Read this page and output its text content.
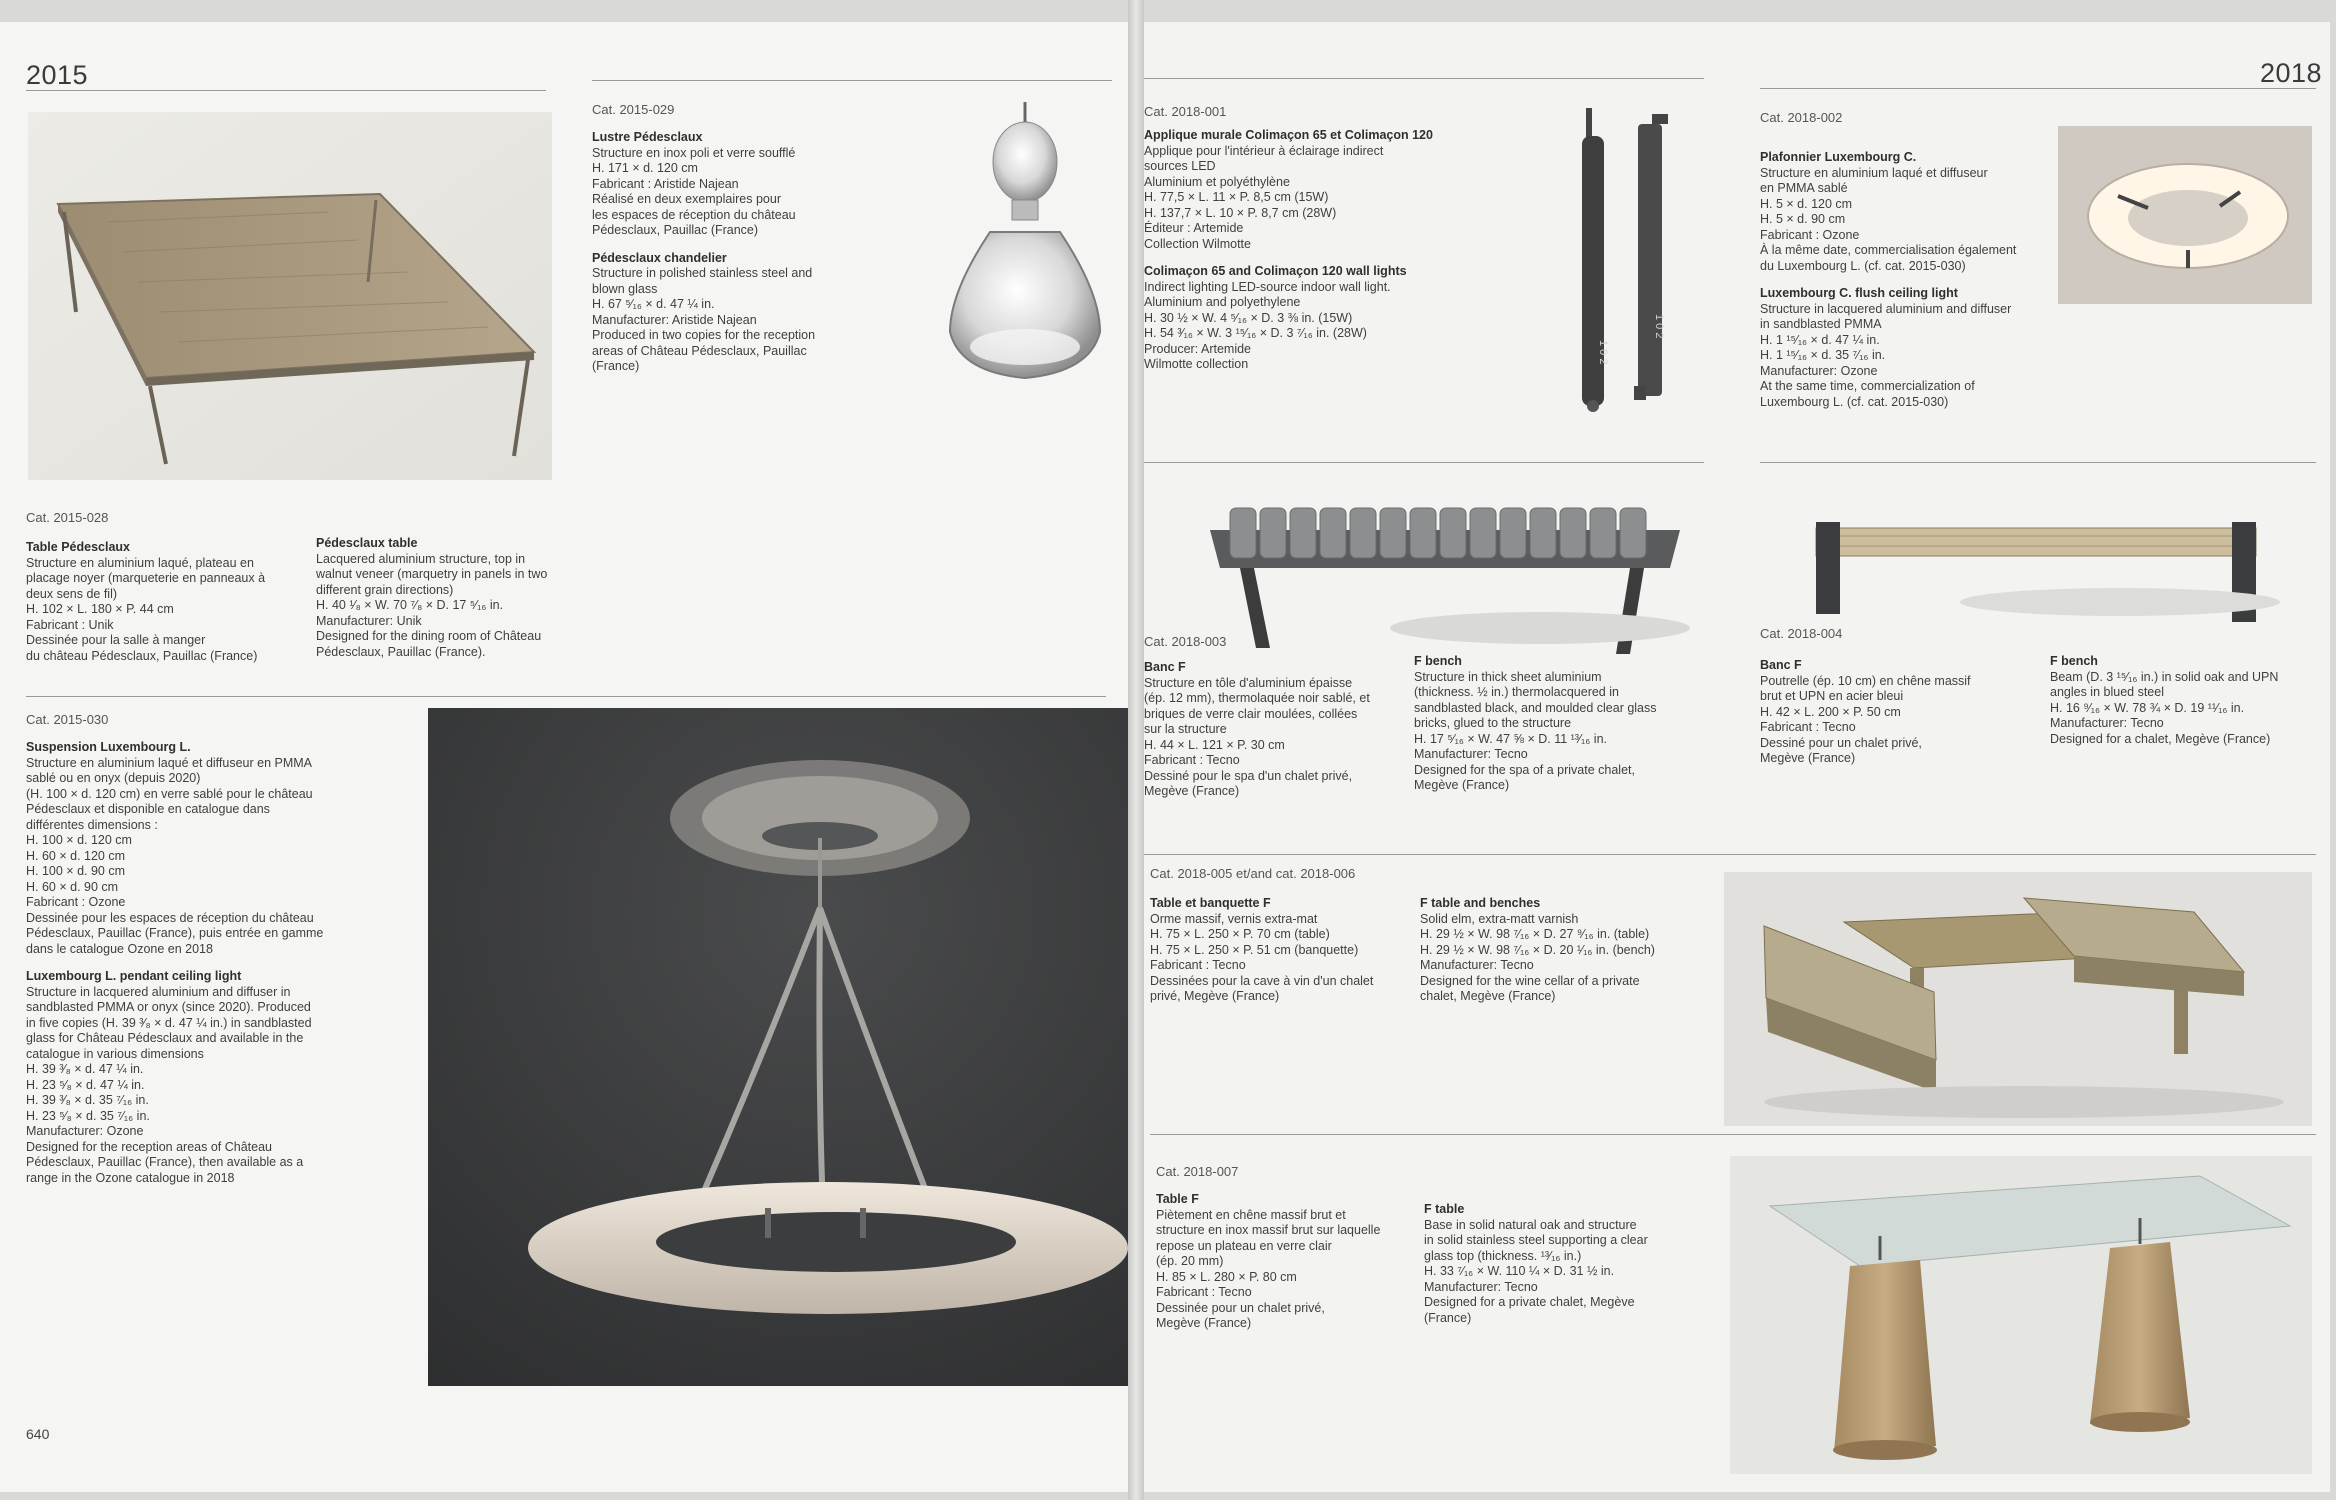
2015
Cat. 2015-028
Table Pédesclaux

Structure en aluminium laqué, plateau en

placage noyer (marqueterie en panneaux à

deux sens de fil)

H. 102 × L. 180 × P. 44 cm

Fabricant : Unik

Dessinée pour la salle à manger

du château Pédesclaux, Pauillac (France)

Pédesclaux table

Lacquered aluminium structure, top in

walnut veneer (marquetry in panels in two

different grain directions)

H. 40 ¹⁄₈ × W. 70 ⁷⁄₈ × D. 17 ⁵⁄₁₆ in.

Manufacturer: Unik

Designed for the dining room of Château

Pédesclaux, Pauillac (France).

Cat. 2015-029
Lustre Pédesclaux

Structure en inox poli et verre soufflé

H. 171 × d. 120 cm

Fabricant : Aristide Najean

Réalisé en deux exemplaires pour

les espaces de réception du château

Pédesclaux, Pauillac (France)

Pédesclaux chandelier

Structure in polished stainless steel and

blown glass

H. 67 ⁵⁄₁₆ × d. 47 ¼ in.

Manufacturer: Aristide Najean

Produced in two copies for the reception

areas of Château Pédesclaux, Pauillac

(France)

Cat. 2015-030
Suspension Luxembourg L.

Structure en aluminium laqué et diffuseur en PMMA

sablé ou en onyx (depuis 2020)

(H. 100 × d. 120 cm) en verre sablé pour le château

Pédesclaux et disponible en catalogue dans

différentes dimensions :

H. 100 × d. 120 cm

H. 60 × d. 120 cm

H. 100 × d. 90 cm

H. 60 × d. 90 cm

Fabricant : Ozone

Dessinée pour les espaces de réception du château

Pédesclaux, Pauillac (France), puis entrée en gamme

dans le catalogue Ozone en 2018

Luxembourg L. pendant ceiling light

Structure in lacquered aluminium and diffuser in

sandblasted PMMA or onyx (since 2020). Produced

in five copies (H. 39 ³⁄₈ × d. 47 ¼ in.) in sandblasted

glass for Château Pédesclaux and available in the

catalogue in various dimensions

H. 39 ³⁄₈ × d. 47 ¼ in.

H. 23 ⁵⁄₈ × d. 47 ¼ in.

H. 39 ³⁄₈ × d. 35 ⁷⁄₁₆ in.

H. 23 ⁵⁄₈ × d. 35 ⁷⁄₁₆ in.

Manufacturer: Ozone

Designed for the reception areas of Château

Pédesclaux, Pauillac (France), then available as a

range in the Ozone catalogue in 2018

640
2018
Cat. 2018-001
Applique murale Colimaçon 65 et Colimaçon 120

Applique pour l'intérieur à éclairage indirect

sources LED

Aluminium et polyéthylène

H. 77,5 × L. 11 × P. 8,5 cm (15W)

H. 137,7 × L. 10 × P. 8,7 cm (28W)

Éditeur : Artemide

Collection Wilmotte

Colimaçon 65 and Colimaçon 120 wall lights

Indirect lighting LED-source indoor wall light.

Aluminium and polyethylene

H. 30 ½ × W. 4 ⁵⁄₁₆ × D. 3 ⅜ in. (15W)

H. 54 ³⁄₁₆ × W. 3 ¹⁵⁄₁₆ × D. 3 ⁷⁄₁₆ in. (28W)

Producer: Artemide

Wilmotte collection	1 0 2
1 0 2
Cat. 2018-002
Plafonnier Luxembourg C.

Structure en aluminium laqué et diffuseur

en PMMA sablé

H. 5 × d. 120 cm

H. 5 × d. 90 cm

Fabricant : Ozone

À la même date, commercialisation également

du Luxembourg L. (cf. cat. 2015-030)

Luxembourg C. flush ceiling light

Structure in lacquered aluminium and diffuser

in sandblasted PMMA

H. 1 ¹⁵⁄₁₆ × d. 47 ¼ in.

H. 1 ¹⁵⁄₁₆ × d. 35 ⁷⁄₁₆ in.

Manufacturer: Ozone

At the same time, commercialization of

Luxembourg L. (cf. cat. 2015-030)

Cat. 2018-003
Banc F

Structure en tôle d'aluminium épaisse

(ép. 12 mm), thermolaquée noir sablé, et

briques de verre clair moulées, collées

sur la structure

H. 44 × L. 121 × P. 30 cm

Fabricant : Tecno

Dessiné pour le spa d'un chalet privé,

Megève (France)

F bench

Structure in thick sheet aluminium

(thickness. ½ in.) thermolacquered in

sandblasted black, and moulded clear glass

bricks, glued to the structure

H. 17 ⁵⁄₁₆ × W. 47 ⅝ × D. 11 ¹³⁄₁₆ in.

Manufacturer: Tecno

Designed for the spa of a private chalet,

Megève (France)

Cat. 2018-004
Banc F

Poutrelle (ép. 10 cm) en chêne massif

brut et UPN en acier bleui

H. 42 × L. 200 × P. 50 cm

Fabricant : Tecno

Dessiné pour un chalet privé,

Megève (France)

F bench

Beam (D. 3 ¹⁵⁄₁₆ in.) in solid oak and UPN

angles in blued steel

H. 16 ⁹⁄₁₆ × W. 78 ¾ × D. 19 ¹¹⁄₁₆ in.

Manufacturer: Tecno

Designed for a chalet, Megève (France)

Cat. 2018-005 et/and cat. 2018-006
Table et banquette F

Orme massif, vernis extra-mat

H. 75 × L. 250 × P. 70 cm (table)

H. 75 × L. 250 × P. 51 cm (banquette)

Fabricant : Tecno

Dessinées pour la cave à vin d'un chalet

privé, Megève (France)

F table and benches

Solid elm, extra-matt varnish

H. 29 ½ × W. 98 ⁷⁄₁₆ × D. 27 ⁹⁄₁₆ in. (table)

H. 29 ½ × W. 98 ⁷⁄₁₆ × D. 20 ¹⁄₁₆ in. (bench)

Manufacturer: Tecno

Designed for the wine cellar of a private

chalet, Megève (France)

Cat. 2018-007
Table F

Piètement en chêne massif brut et

structure en inox massif brut sur laquelle

repose un plateau en verre clair

(ép. 20 mm)

H. 85 × L. 280 × P. 80 cm

Fabricant : Tecno

Dessinée pour un chalet privé,

Megève (France)

F table

Base in solid natural oak and structure

in solid stainless steel supporting a clear

glass top (thickness. ¹³⁄₁₆ in.)

H. 33 ⁷⁄₁₆ × W. 110 ¼ × D. 31 ½ in.

Manufacturer: Tecno

Designed for a private chalet, Megève

(France)
